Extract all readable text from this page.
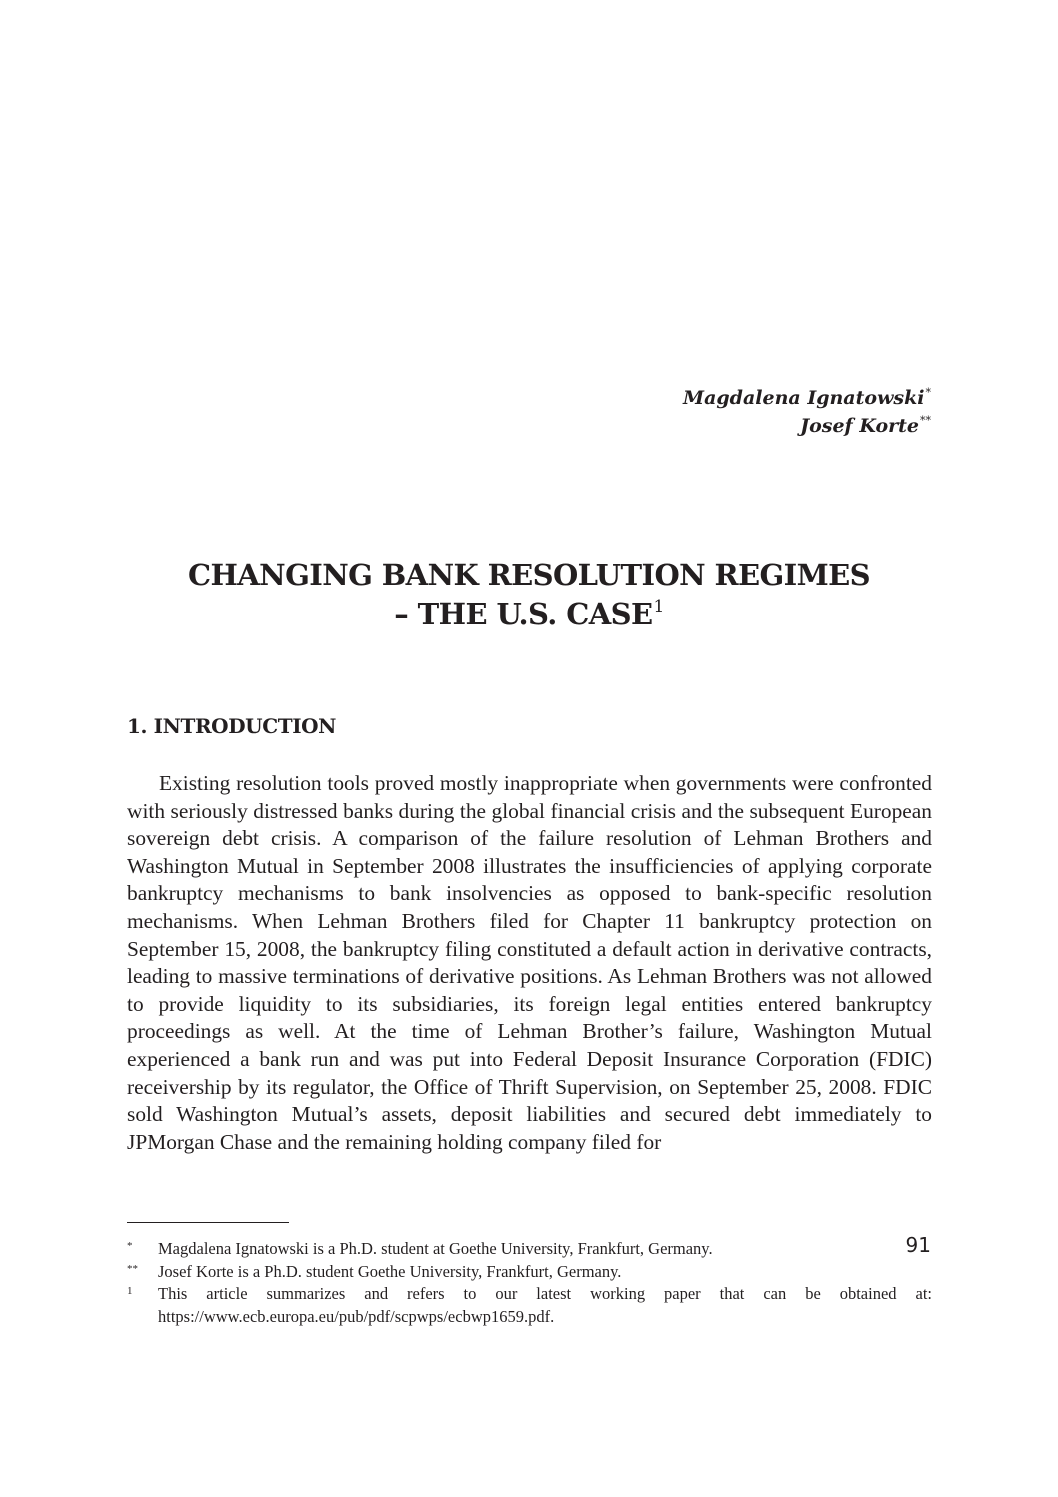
Magdalena Ignatowski*
Josef Korte**
CHANGING BANK RESOLUTION REGIMES
– THE U.S. CASE$^1$
1. INTRODUCTION

Existing resolution tools proved mostly inappropriate when governments were confronted with seriously distressed banks during the global financial crisis and the subsequent European sovereign debt crisis. A comparison of the failure resolution of Lehman Brothers and Washington Mutual in September 2008 illustrates the insufficiencies of applying corporate bankruptcy mechanisms to bank insolvencies as opposed to bank-specific resolution mechanisms. When Lehman Brothers filed for Chapter 11 bankruptcy protection on September 15, 2008, the bankruptcy filing constituted a default action in derivative contracts, leading to massive terminations of derivative positions. As Lehman Brothers was not allowed to provide liquidity to its subsidiaries, its foreign legal entities entered bankruptcy proceedings as well. At the time of Lehman Brother’s failure, Washington Mutual experienced a bank run and was put into Federal Deposit Insurance Corporation (FDIC) receivership by its regulator, the Office of Thrift Supervision, on September 25, 2008. FDIC sold Washington Mutual’s assets, deposit liabilities and secured debt immediately to JPMorgan Chase and the remaining holding company filed for

* Magdalena Ignatowski is a Ph.D. student at Goethe University, Frankfurt, Germany.
** Josef Korte is a Ph.D. student Goethe University, Frankfurt, Germany.
1 This article summarizes and refers to our latest working paper that can be obtained at: https://www.ecb.europa.eu/pub/pdf/scpwps/ecbwp1659.pdf.
91
